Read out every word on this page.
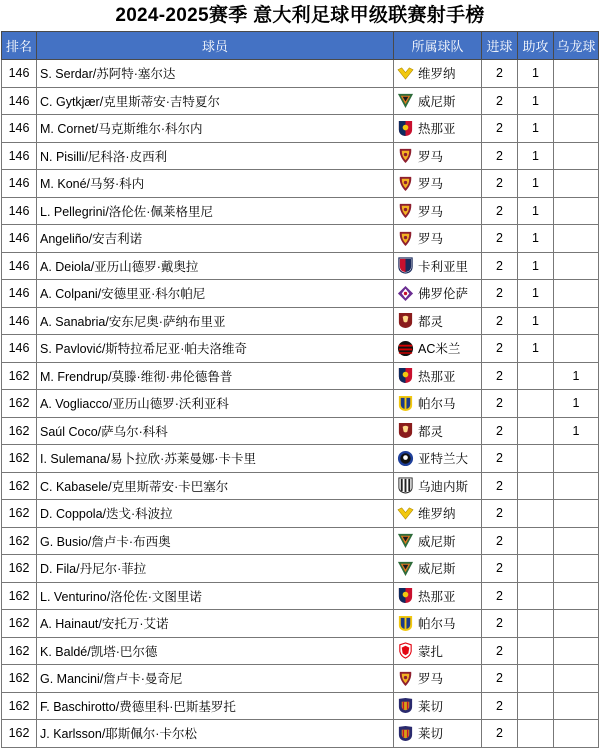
2024-2025赛季 意大利足球甲级联赛射手榜
排名	球员	所属球队	进球	助攻	乌龙球
146	S. Serdar/苏阿特·塞尔达	维罗纳	2	1	
146	C. Gytkjær/克里斯蒂安·吉特夏尔	威尼斯	2	1	
146	M. Cornet/马克斯维尔·科尔内	热那亚	2	1	
146	N. Pisilli/尼科洛·皮西利	罗马	2	1	
146	M. Koné/马努·科内	罗马	2	1	
146	L. Pellegrini/洛伦佐·佩莱格里尼	罗马	2	1	
146	Angeliño/安吉利诺	罗马	2	1	
146	A. Deiola/亚历山德罗·戴奥拉	卡利亚里	2	1	
146	A. Colpani/安德里亚·科尔帕尼	佛罗伦萨	2	1	
146	A. Sanabria/安东尼奥·萨纳布里亚	都灵	2	1	
146	S. Pavlović/斯特拉希尼亚·帕夫洛维奇	AC米兰	2	1	
162	M. Frendrup/莫滕·维彻·弗伦德鲁普	热那亚	2		1
162	A. Vogliacco/亚历山德罗·沃利亚科	帕尔马	2		1
162	Saúl Coco/萨乌尔·科科	都灵	2		1
162	I. Sulemana/易卜拉欣·苏莱曼娜·卡卡里	亚特兰大	2		
162	C. Kabasele/克里斯蒂安·卡巴塞尔	乌迪内斯	2		
162	D. Coppola/迭戈·科波拉	维罗纳	2		
162	G. Busio/詹卢卡·布西奥	威尼斯	2		
162	D. Fila/丹尼尔·菲拉	威尼斯	2		
162	L. Venturino/洛伦佐·文图里诺	热那亚	2		
162	A. Hainaut/安托万·艾诺	帕尔马	2		
162	K. Baldé/凯塔·巴尔德	蒙扎	2		
162	G. Mancini/詹卢卡·曼奇尼	罗马	2		
162	F. Baschirotto/费德里科·巴斯基罗托	莱切	2		
162	J. Karlsson/耶斯佩尔·卡尔松	莱切	2		
